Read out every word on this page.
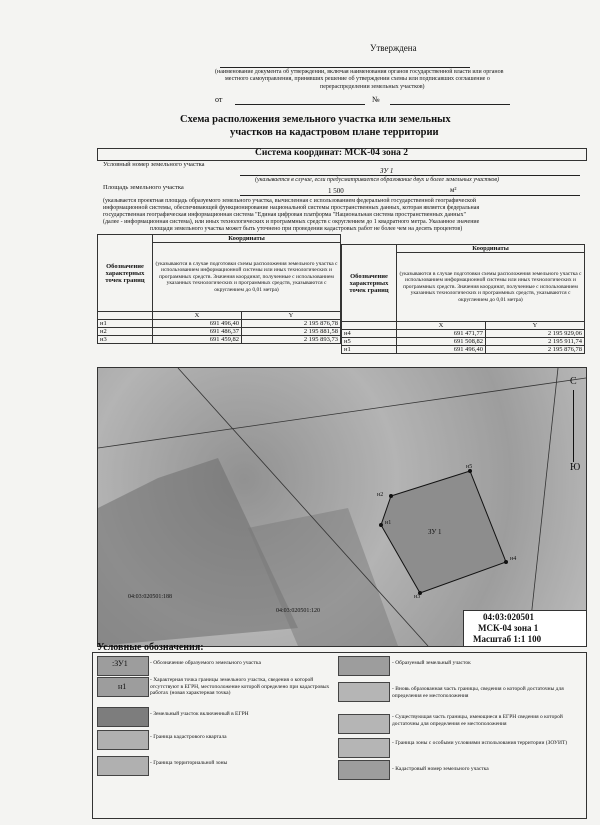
Утверждена
(наименование документа об утверждении, включая наименования органов государственной власти или органов
местного самоуправления, принявших решение об утверждении схемы или подписавших соглашение о
перераспределении земельных участков)
от	№
Схема расположения земельного участка или земельных
участков на кадастровом плане территории
Система координат: МСК-04 зона 2
Условный номер земельного участка
ЗУ 1
(указывается в случае, если предусматривается образование двух и более земельных участков)
Площадь земельного участка	1 500	м²
(указывается проектная площадь образуемого земельного участка, вычисленная с использованием федеральной государственной географической
информационной системы, обеспечивающей функционирование национальной системы пространственных данных, которая является федеральная
государственная географическая информационная система "Единая цифровая платформа "Национальная система пространственных данных"
(далее - информационная система), или иных технологических и программных средств с округлением до 1 квадратного метра. Указанное значение
площади земельного участка может быть уточнено при проведении кадастровых работ не более чем на десять процентов)
Обозначение характерных точек границ	Координаты	
	(указываются в случае подготовки схемы расположения земельного участка с использованием информационной системы или иных технологических и программных средств. Значения координат, полученные с использованием указанных технологических и программных средств, указываются с округлением до 0,01 метра)	
	X	Y
н1	691 496,40	2 195 876,78
н2	691 486,37	2 195 881,58
н3	691 459,82	2 195 893,73
Обозначение характерных точек границ	Координаты	
	(указываются в случае подготовки схемы расположения земельного участка с использованием информационной системы или иных технологических и программных средств. Значения координат, полученные с использованием указанных технологических и программных средств, указываются с округлением до 0,01 метра)	
	X	Y
н4	691 471,77	2 195 929,06
н5	691 508,82	2 195 911,74
н1	691 496,40	2 195 876,78
ЗУ 1
н1
н2
н3
н4
н5
04:03:020501:188
04:03:020501:120
С
Ю
04:03:020501
МСК-04 зона 1
Масштаб 1:1 100
Условные обозначения:
:ЗУ1	- Обозначение образуемого земельного участка
н1
- Характерная точка границы земельного участка, сведения о которой отсутствуют в ЕГРН, местоположение которой определено при кадастровых работах (новая характерная точка)
- Земельный участок включенный в ЕГРН
- Граница кадастрового квартала
- Граница территориальной зоны
- Образуемый земельный участок
- Вновь образованная часть границы, сведения о которой достаточны для определения ее местоположения
- Существующая часть границы, имеющиеся в ЕГРН сведения о которой достаточны для определения ее местоположения
- Граница зоны с особыми условиями использования территории (ЗОУИТ)
- Кадастровый номер земельного участка
